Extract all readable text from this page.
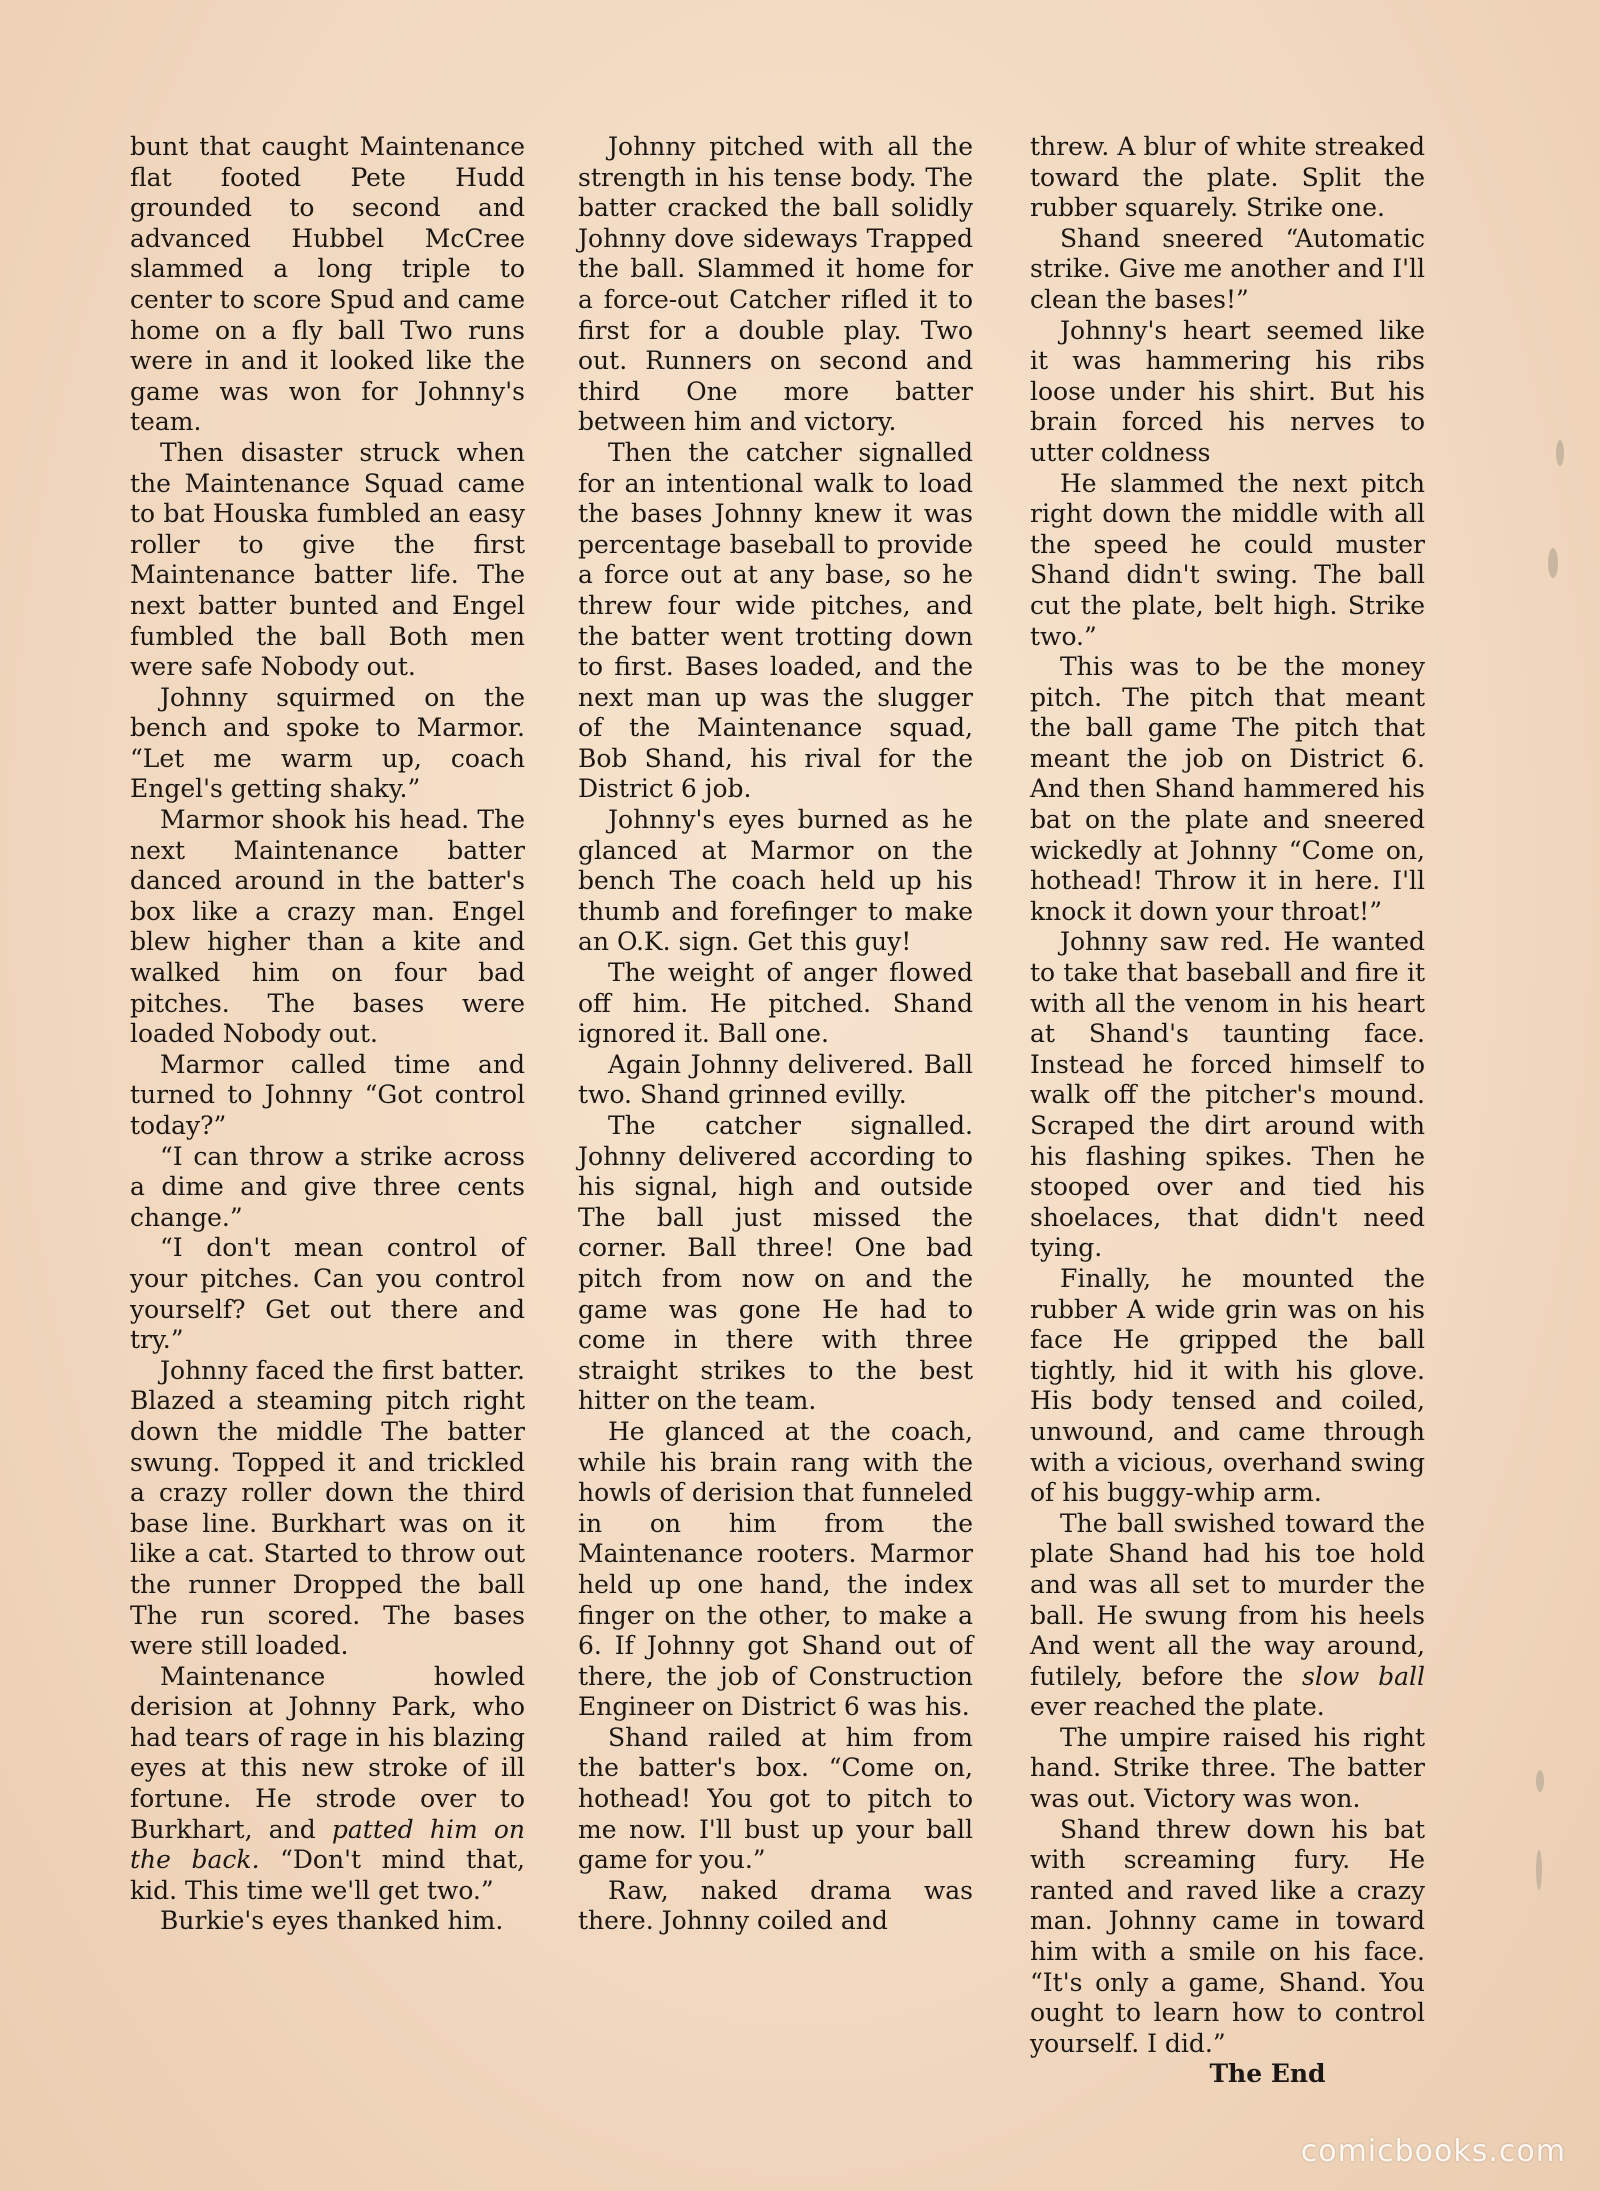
bunt that caught Maintenance flat footed Pete Hudd grounded to second and advanced Hubbel McCree slammed a long triple to center to score Spud and came home on a fly ball Two runs were in and it looked like the game was won for Johnny's team.

Then disaster struck when the Maintenance Squad came to bat Houska fumbled an easy roller to give the first Maintenance batter life. The next batter bunted and Engel fumbled the ball Both men were safe Nobody out.

Johnny squirmed on the bench and spoke to Marmor. “Let me warm up, coach Engel's getting shaky.”

Marmor shook his head. The next Maintenance batter danced around in the batter's box like a crazy man. Engel blew higher than a kite and walked him on four bad pitches. The bases were loaded Nobody out.

Marmor called time and turned to Johnny “Got control today?”

“I can throw a strike across a dime and give three cents change.”

“I don't mean control of your pitches. Can you control yourself? Get out there and try.”

Johnny faced the first batter. Blazed a steaming pitch right down the middle The batter swung. Topped it and trickled a crazy roller down the third base line. Burkhart was on it like a cat. Started to throw out the runner Dropped the ball The run scored. The bases were still loaded.

Maintenance howled derision at Johnny Park, who had tears of rage in his blazing eyes at this new stroke of ill fortune. He strode over to Burkhart, and patted him on the back. “Don't mind that, kid. This time we'll get two.”

Burkie's eyes thanked him.

Johnny pitched with all the strength in his tense body. The batter cracked the ball solidly Johnny dove sideways Trapped the ball. Slammed it home for a force-out Catcher rifled it to first for a double play. Two out. Runners on second and third One more batter between him and victory.

Then the catcher signalled for an intentional walk to load the bases Johnny knew it was percentage baseball to provide a force out at any base, so he threw four wide pitches, and the batter went trotting down to first. Bases loaded, and the next man up was the slugger of the Maintenance squad, Bob Shand, his rival for the District 6 job.

Johnny's eyes burned as he glanced at Marmor on the bench The coach held up his thumb and forefinger to make an O.K. sign. Get this guy!

The weight of anger flowed off him. He pitched. Shand ignored it. Ball one.

Again Johnny delivered. Ball two. Shand grinned evilly.

The catcher signalled. Johnny delivered according to his signal, high and outside The ball just missed the corner. Ball three! One bad pitch from now on and the game was gone He had to come in there with three straight strikes to the best hitter on the team.

He glanced at the coach, while his brain rang with the howls of derision that funneled in on him from the Maintenance rooters. Marmor held up one hand, the index finger on the other, to make a 6. If Johnny got Shand out of there, the job of Construction Engineer on District 6 was his.

Shand railed at him from the batter's box. “Come on, hothead! You got to pitch to me now. I'll bust up your ball game for you.”

Raw, naked drama was there. Johnny coiled and

threw. A blur of white streaked toward the plate. Split the rubber squarely. Strike one.

Shand sneered “Automatic strike. Give me another and I'll clean the bases!”

Johnny's heart seemed like it was hammering his ribs loose under his shirt. But his brain forced his nerves to utter coldness

He slammed the next pitch right down the middle with all the speed he could muster Shand didn't swing. The ball cut the plate, belt high. Strike two.”

This was to be the money pitch. The pitch that meant the ball game The pitch that meant the job on District 6. And then Shand hammered his bat on the plate and sneered wickedly at Johnny “Come on, hothead! Throw it in here. I'll knock it down your throat!”

Johnny saw red. He wanted to take that baseball and fire it with all the venom in his heart at Shand's taunting face. Instead he forced himself to walk off the pitcher's mound. Scraped the dirt around with his flashing spikes. Then he stooped over and tied his shoelaces, that didn't need tying.

Finally, he mounted the rubber A wide grin was on his face He gripped the ball tightly, hid it with his glove. His body tensed and coiled, unwound, and came through with a vicious, overhand swing of his buggy-whip arm.

The ball swished toward the plate Shand had his toe hold and was all set to murder the ball. He swung from his heels And went all the way around, futilely, before the slow ball ever reached the plate.

The umpire raised his right hand. Strike three. The batter was out. Victory was won.

Shand threw down his bat with screaming fury. He ranted and raved like a crazy man. Johnny came in toward him with a smile on his face. “It's only a game, Shand. You ought to learn how to control yourself. I did.”

The End

comicbooks.com
